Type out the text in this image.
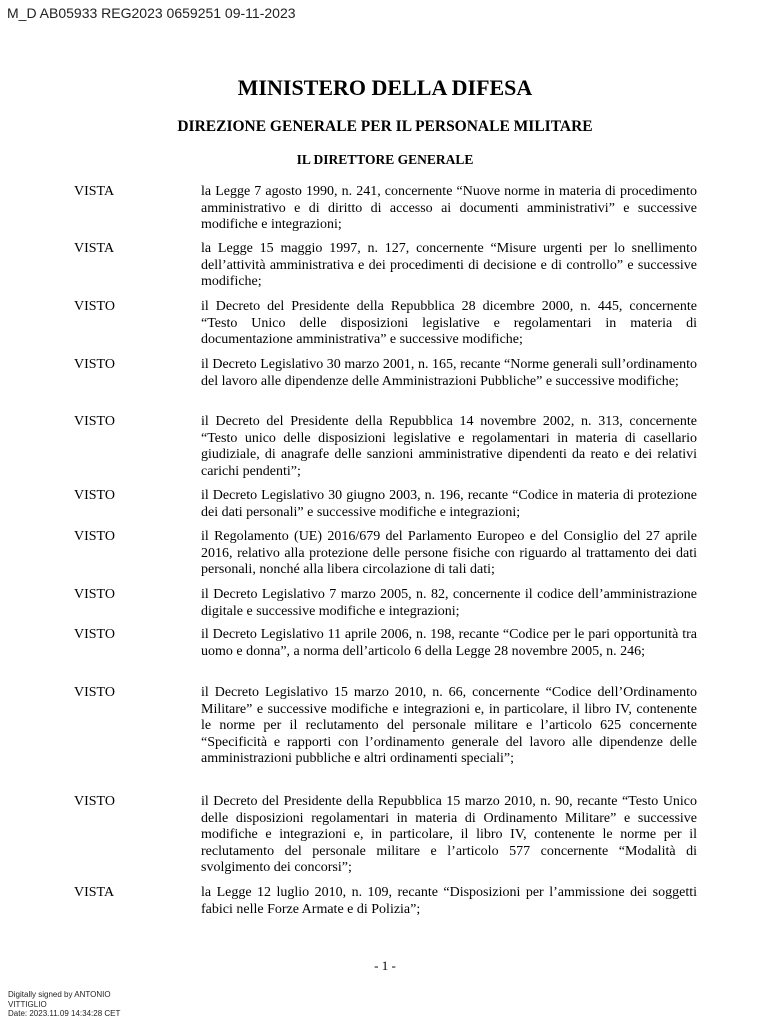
M_D AB05933 REG2023 0659251 09-11-2023
MINISTERO DELLA DIFESA
DIREZIONE GENERALE PER IL PERSONALE MILITARE
IL DIRETTORE GENERALE
VISTA	la Legge 7 agosto 1990, n. 241, concernente “Nuove norme in materia di procedimento amministrativo e di diritto di accesso ai documenti amministrativi” e successive modifiche e integrazioni;
VISTA	la Legge 15 maggio 1997, n. 127, concernente “Misure urgenti per lo snellimento dell’attività amministrativa e dei procedimenti di decisione e di controllo” e successive modifiche;
VISTO	il Decreto del Presidente della Repubblica 28 dicembre 2000, n. 445, concernente “Testo Unico delle disposizioni legislative e regolamentari in materia di documentazione amministrativa” e successive modifiche;
VISTO	il Decreto Legislativo 30 marzo 2001, n. 165, recante “Norme generali sull’ordinamento del lavoro alle dipendenze delle Amministrazioni Pubbliche” e successive modifiche;
VISTO	il Decreto del Presidente della Repubblica 14 novembre 2002, n. 313, concernente “Testo unico delle disposizioni legislative e regolamentari in materia di casellario giudiziale, di anagrafe delle sanzioni amministrative dipendenti da reato e dei relativi carichi pendenti”;
VISTO	il Decreto Legislativo 30 giugno 2003, n. 196, recante “Codice in materia di protezione dei dati personali” e successive modifiche e integrazioni;
VISTO	il Regolamento (UE) 2016/679 del Parlamento Europeo e del Consiglio del 27 aprile 2016, relativo alla protezione delle persone fisiche con riguardo al trattamento dei dati personali, nonché alla libera circolazione di tali dati;
VISTO	il Decreto Legislativo 7 marzo 2005, n. 82, concernente il codice dell’amministrazione digitale e successive modifiche e integrazioni;
VISTO	il Decreto Legislativo 11 aprile 2006, n. 198, recante “Codice per le pari opportunità tra uomo e donna”, a norma dell’articolo 6 della Legge 28 novembre 2005, n. 246;
VISTO	il Decreto Legislativo 15 marzo 2010, n. 66, concernente “Codice dell’Ordinamento Militare” e successive modifiche e integrazioni e, in particolare, il libro IV, contenente le norme per il reclutamento del personale militare e l’articolo 625 concernente “Specificità e rapporti con l’ordinamento generale del lavoro alle dipendenze delle amministrazioni pubbliche e altri ordinamenti speciali”;
VISTO	il Decreto del Presidente della Repubblica 15 marzo 2010, n. 90, recante “Testo Unico delle disposizioni regolamentari in materia di Ordinamento Militare” e successive modifiche e integrazioni e, in particolare, il libro IV, contenente le norme per il reclutamento del personale militare e l’articolo 577 concernente “Modalità di svolgimento dei concorsi”;
VISTA	la Legge 12 luglio 2010, n. 109, recante “Disposizioni per l’ammissione dei soggetti fabici nelle Forze Armate e di Polizia”;
- 1 -
Digitally signed by ANTONIO
VITTIGLIO
Date: 2023.11.09 14:34:28 CET
